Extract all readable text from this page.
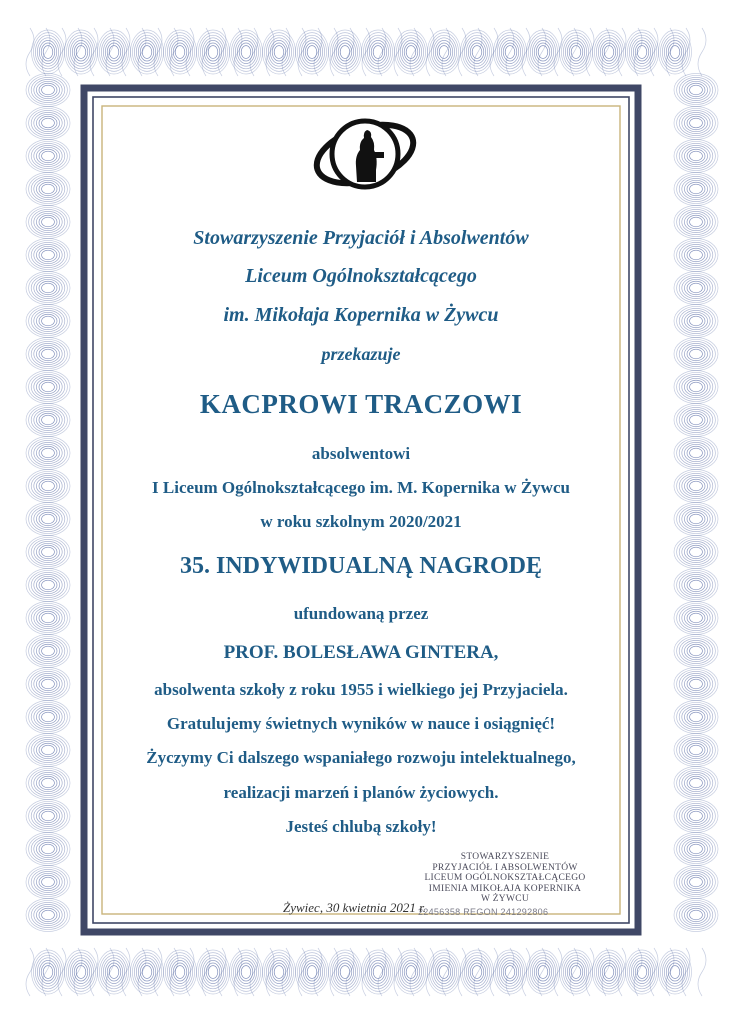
Stowarzyszenie Przyjaciół i Absolwentów

Liceum Ogólnokształcącego

im. Mikołaja Kopernika w Żywcu

przekazuje

KACPROWI TRACZOWI

absolwentowi

I Liceum Ogólnokształcącego im. M. Kopernika w Żywcu

w roku szkolnym 2020/2021

35. INDYWIDUALNĄ NAGRODĘ

ufundowaną przez

PROF. BOLESŁAWA GINTERA,

absolwenta szkoły z roku 1955 i wielkiego jej Przyjaciela.

Gratulujemy świetnych wyników w nauce i osiągnięć!

Życzymy Ci dalszego wspaniałego rozwoju intelektualnego,

realizacji marzeń i planów życiowych.

Jesteś chlubą szkoły!

STOWARZYSZENIE
PRZYJACIÓŁ I ABSOLWENTÓW
LICEUM OGÓLNOKSZTAŁCĄCEGO
IMIENIA MIKOŁAJA KOPERNIKA
W ŻYWCU
22456358 REGON 241292806
Żywiec, 30 kwietnia 2021 r.
